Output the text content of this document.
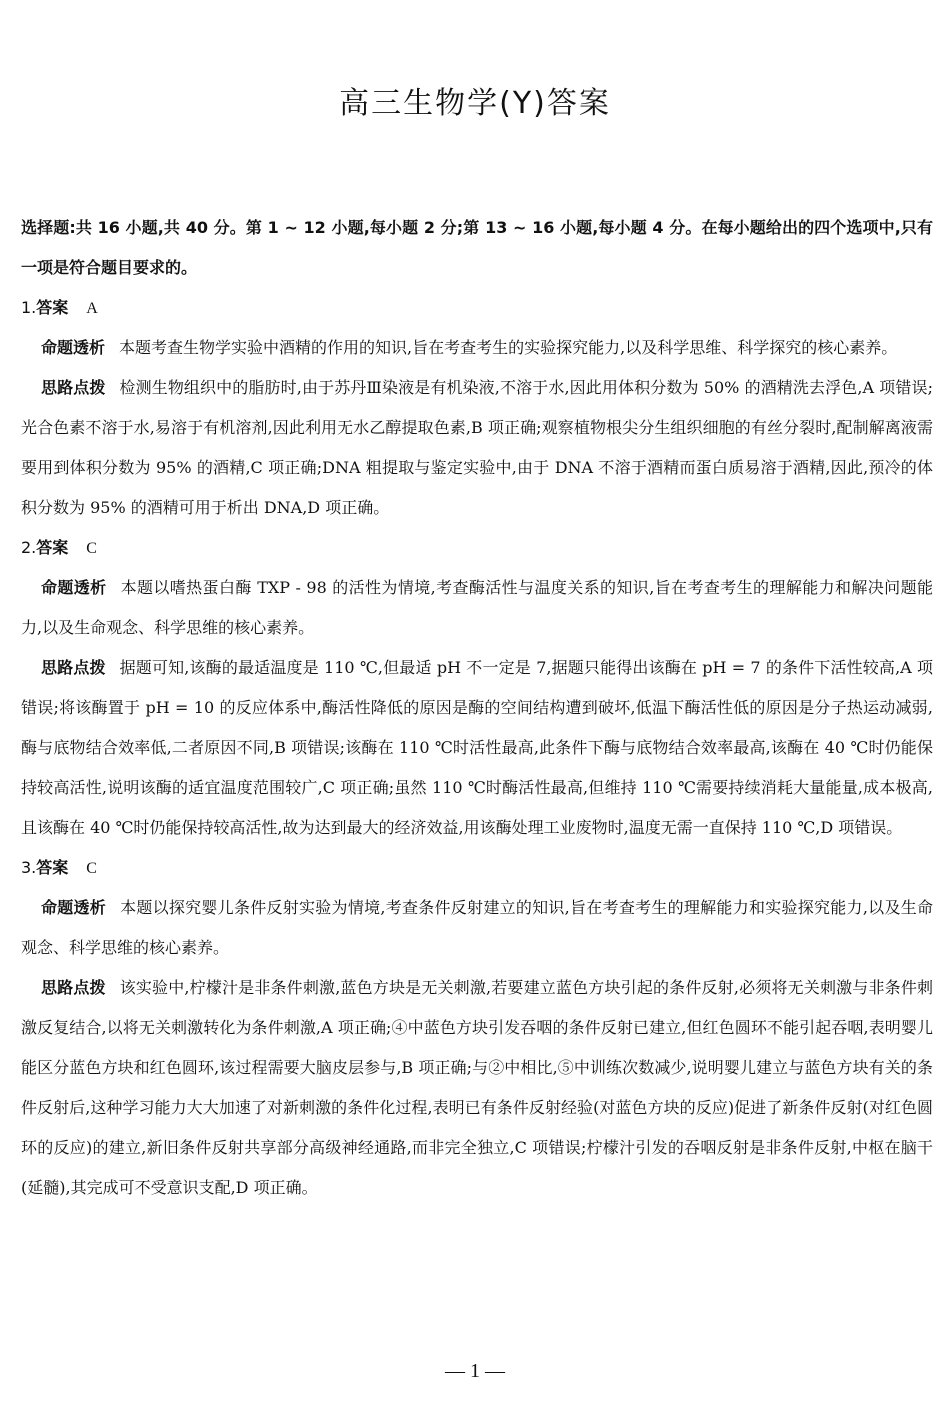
高三生物学(Y)答案
选择题:共 16 小题,共 40 分。第 1 ~ 12 小题,每小题 2 分;第 13 ~ 16 小题,每小题 4 分。在每小题给出的四个选项中,只有一项是符合题目要求的。
1.答案 A

命题透析 本题考查生物学实验中酒精的作用的知识,旨在考查考生的实验探究能力,以及科学思维、科学探究的核心素养。

思路点拨 检测生物组织中的脂肪时,由于苏丹Ⅲ染液是有机染液,不溶于水,因此用体积分数为 50% 的酒精洗去浮色,A 项错误;光合色素不溶于水,易溶于有机溶剂,因此利用无水乙醇提取色素,B 项正确;观察植物根尖分生组织细胞的有丝分裂时,配制解离液需要用到体积分数为 95% 的酒精,C 项正确;DNA 粗提取与鉴定实验中,由于 DNA 不溶于酒精而蛋白质易溶于酒精,因此,预冷的体积分数为 95% 的酒精可用于析出 DNA,D 项正确。

2.答案 C

命题透析 本题以嗜热蛋白酶 TXP - 98 的活性为情境,考查酶活性与温度关系的知识,旨在考查考生的理解能力和解决问题能力,以及生命观念、科学思维的核心素养。

思路点拨 据题可知,该酶的最适温度是 110 ℃,但最适 pH 不一定是 7,据题只能得出该酶在 pH = 7 的条件下活性较高,A 项错误;将该酶置于 pH = 10 的反应体系中,酶活性降低的原因是酶的空间结构遭到破坏,低温下酶活性低的原因是分子热运动减弱,酶与底物结合效率低,二者原因不同,B 项错误;该酶在 110 ℃时活性最高,此条件下酶与底物结合效率最高,该酶在 40 ℃时仍能保持较高活性,说明该酶的适宜温度范围较广,C 项正确;虽然 110 ℃时酶活性最高,但维持 110 ℃需要持续消耗大量能量,成本极高,且该酶在 40 ℃时仍能保持较高活性,故为达到最大的经济效益,用该酶处理工业废物时,温度无需一直保持 110 ℃,D 项错误。

3.答案 C

命题透析 本题以探究婴儿条件反射实验为情境,考查条件反射建立的知识,旨在考查考生的理解能力和实验探究能力,以及生命观念、科学思维的核心素养。

思路点拨 该实验中,柠檬汁是非条件刺激,蓝色方块是无关刺激,若要建立蓝色方块引起的条件反射,必须将无关刺激与非条件刺激反复结合,以将无关刺激转化为条件刺激,A 项正确;④中蓝色方块引发吞咽的条件反射已建立,但红色圆环不能引起吞咽,表明婴儿能区分蓝色方块和红色圆环,该过程需要大脑皮层参与,B 项正确;与②中相比,⑤中训练次数减少,说明婴儿建立与蓝色方块有关的条件反射后,这种学习能力大大加速了对新刺激的条件化过程,表明已有条件反射经验(对蓝色方块的反应)促进了新条件反射(对红色圆环的反应)的建立,新旧条件反射共享部分高级神经通路,而非完全独立,C 项错误;柠檬汁引发的吞咽反射是非条件反射,中枢在脑干(延髓),其完成可不受意识支配,D 项正确。

— 1 —
